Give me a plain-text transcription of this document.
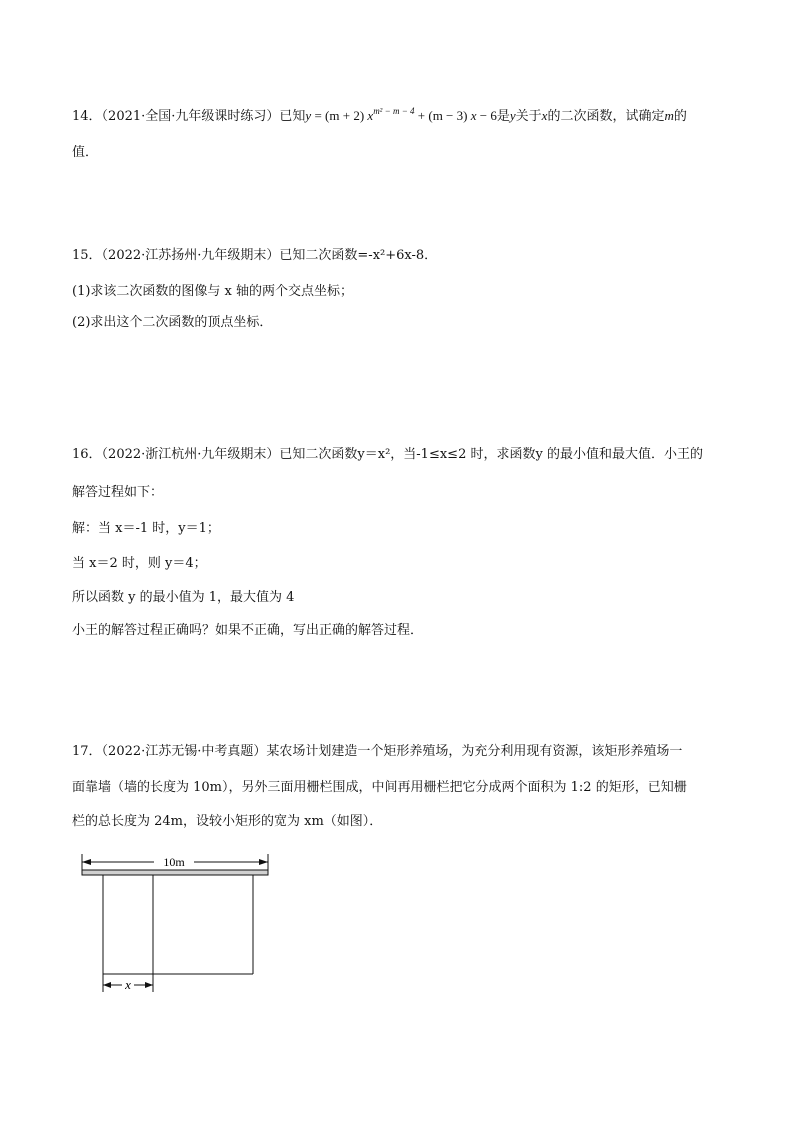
14．（2021·全国·九年级课时练习）已知y = (m + 2) $x^{m^2 - m - 4} + (m - 3) x - 6$是y关于x的二次函数，试确定m的
值．
15．（2022·江苏扬州·九年级期末）已知二次函数=-x²+6x-8．
(1)求该二次函数的图像与 x 轴的两个交点坐标；
(2)求出这个二次函数的顶点坐标．
16．（2022·浙江杭州·九年级期末）已知二次函数y＝x²，当-1≤x≤2 时，求函数y 的最小值和最大值．小王的
解答过程如下：
解：当 x＝-1 时，y＝1；
当 x＝2 时，则 y＝4；
所以函数 y 的最小值为 1，最大值为 4
小王的解答过程正确吗？如果不正确，写出正确的解答过程．
17．（2022·江苏无锡·中考真题）某农场计划建造一个矩形养殖场，为充分利用现有资源，该矩形养殖场一
面靠墙（墙的长度为 10m），另外三面用栅栏围成，中间再用栅栏把它分成两个面积为 1:2 的矩形，已知栅
栏的总长度为 24m，设较小矩形的宽为 xm（如图）．
10m
x
